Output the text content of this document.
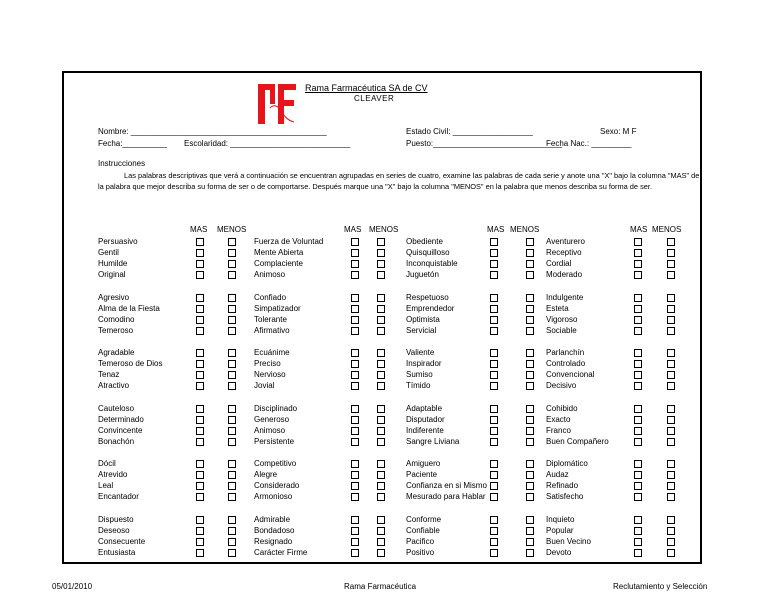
Rama Farmacéutica SA de CV
CLEAVER
Nombre: ____________________________________________
Fecha:__________ Escolaridad: ___________________________
Estado Civil: __________________	Sexo: M F
Puesto:_____________________________
Fecha Nac.: _________
Instrucciones
Las palabras descriptivas que verá a continuación se encuentran agrupadas en series de cuatro, examine las palabras de cada serie y anote una "X" bajo la columna "MAS" de la palabra que mejor describa su forma de ser o de comportarse. Después marque una "X" bajo la columna "MENOS" en la palabra que menos describa su forma de ser.
MAS MENOS
Persuasivo
Gentil
Humilde
Original
Agresivo
Alma de la Fiesta
Comodino
Temeroso
Agradable
Temeroso de Dios
Tenaz
Atractivo
Cauteloso
Determinado
Convincente
Bonachón
Dócil
Atrevido
Leal
Encantador
Dispuesto
Deseoso
Consecuente
Entusiasta
MAS MENOS
Fuerza de Voluntad
Mente Abierta
Complaciente
Animoso
Confiado
Simpatizador
Tolerante
Afirmativo
Ecuánime
Preciso
Nervioso
Jovial
Disciplinado
Generoso
Animoso
Persistente
Competitivo
Alegre
Considerado
Armonioso
Admirable
Bondadoso
Resignado
Carácter Firme
MAS MENOS
Obediente
Quisquilloso
Inconquistable
Juguetón
Respetuoso
Emprendedor
Optimista
Servicial
Valiente
Inspirador
Sumiso
Tímido
Adaptable
Disputador
Indiferente
Sangre Liviana
Amiguero
Paciente
Confianza en si Mismo
Mesurado para Hablar
Conforme
Confiable
Pacifico
Positivo
MAS MENOS
Aventurero
Receptivo
Cordial
Moderado
Indulgente
Esteta
Vigoroso
Sociable
Parlanchín
Controlado
Convencional
Decisivo
Cohibido
Exacto
Franco
Buen Compañero
Diplomático
Audaz
Refinado
Satisfecho
Inquieto
Popular
Buen Vecino
Devoto
05/01/2010	Rama Farmacéutica	Reclutamiento y Selección
